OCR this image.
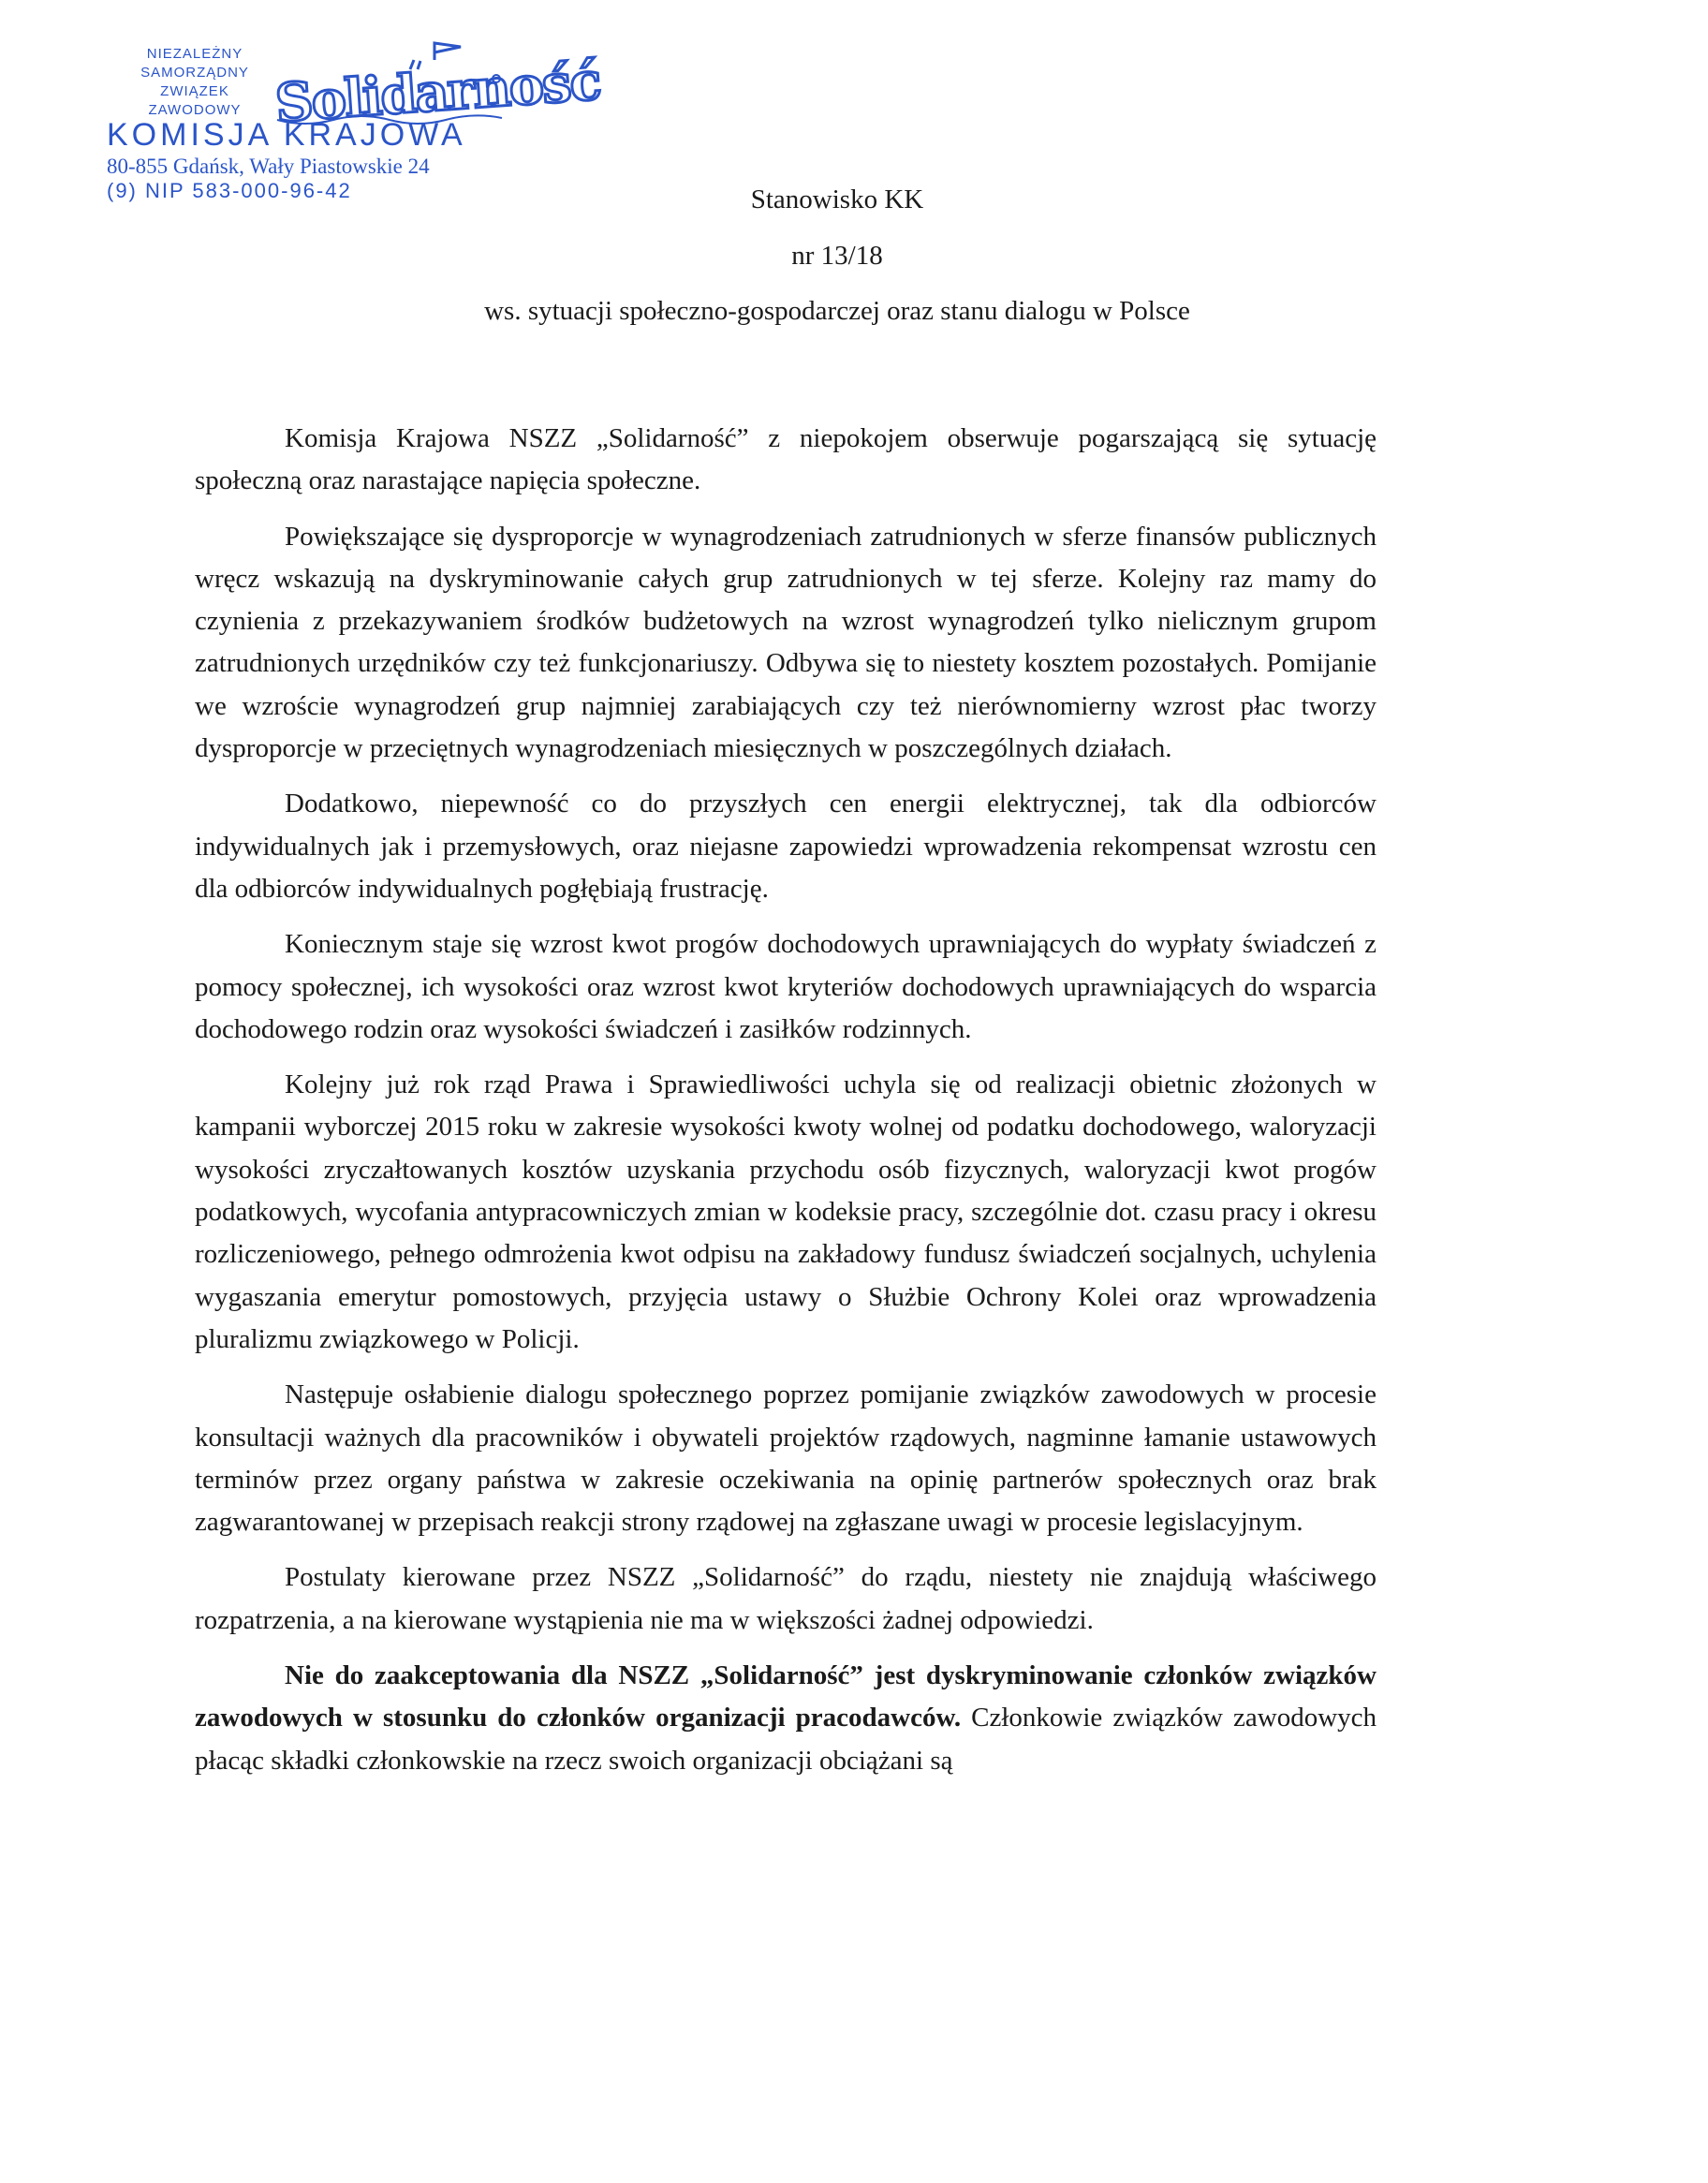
NIEZALEŻNY
SAMORZĄDNY
ZWIĄZEK
ZAWODOWY Solidarność
KOMISJA KRAJOWA
80-855 Gdańsk, Wały Piastowskie 24
(9) NIP 583-000-96-42	Stanowisko KK
nr 13/18
ws. sytuacji społeczno-gospodarczej oraz stanu dialogu w Polsce

Komisja Krajowa NSZZ „Solidarność” z niepokojem obserwuje pogarszającą się sytuację społeczną oraz narastające napięcia społeczne.

Powiększające się dysproporcje w wynagrodzeniach zatrudnionych w sferze finansów publicznych wręcz wskazują na dyskryminowanie całych grup zatrudnionych w tej sferze. Kolejny raz mamy do czynienia z przekazywaniem środków budżetowych na wzrost wynagrodzeń tylko nielicznym grupom zatrudnionych urzędników czy też funkcjonariuszy. Odbywa się to niestety kosztem pozostałych. Pomijanie we wzroście wynagrodzeń grup najmniej zarabiających czy też nierównomierny wzrost płac tworzy dysproporcje w przeciętnych wynagrodzeniach miesięcznych w poszczególnych działach.

Dodatkowo, niepewność co do przyszłych cen energii elektrycznej, tak dla odbiorców indywidualnych jak i przemysłowych, oraz niejasne zapowiedzi wprowadzenia rekompensat wzrostu cen dla odbiorców indywidualnych pogłębiają frustrację.

Koniecznym staje się wzrost kwot progów dochodowych uprawniających do wypłaty świadczeń z pomocy społecznej, ich wysokości oraz wzrost kwot kryteriów dochodowych uprawniających do wsparcia dochodowego rodzin oraz wysokości świadczeń i zasiłków rodzinnych.

Kolejny już rok rząd Prawa i Sprawiedliwości uchyla się od realizacji obietnic złożonych w kampanii wyborczej 2015 roku w zakresie wysokości kwoty wolnej od podatku dochodowego, waloryzacji wysokości zryczałtowanych kosztów uzyskania przychodu osób fizycznych, waloryzacji kwot progów podatkowych, wycofania antypracowniczych zmian w kodeksie pracy, szczególnie dot. czasu pracy i okresu rozliczeniowego, pełnego odmrożenia kwot odpisu na zakładowy fundusz świadczeń socjalnych, uchylenia wygaszania emerytur pomostowych, przyjęcia ustawy o Służbie Ochrony Kolei oraz wprowadzenia pluralizmu związkowego w Policji.

Następuje osłabienie dialogu społecznego poprzez pomijanie związków zawodowych w procesie konsultacji ważnych dla pracowników i obywateli projektów rządowych, nagminne łamanie ustawowych terminów przez organy państwa w zakresie oczekiwania na opinię partnerów społecznych oraz brak zagwarantowanej w przepisach reakcji strony rządowej na zgłaszane uwagi w procesie legislacyjnym.

Postulaty kierowane przez NSZZ „Solidarność” do rządu, niestety nie znajdują właściwego rozpatrzenia, a na kierowane wystąpienia nie ma w większości żadnej odpowiedzi.

Nie do zaakceptowania dla NSZZ „Solidarność” jest dyskryminowanie członków związków zawodowych w stosunku do członków organizacji pracodawców. Członkowie związków zawodowych płacąc składki członkowskie na rzecz swoich organizacji obciążani są
